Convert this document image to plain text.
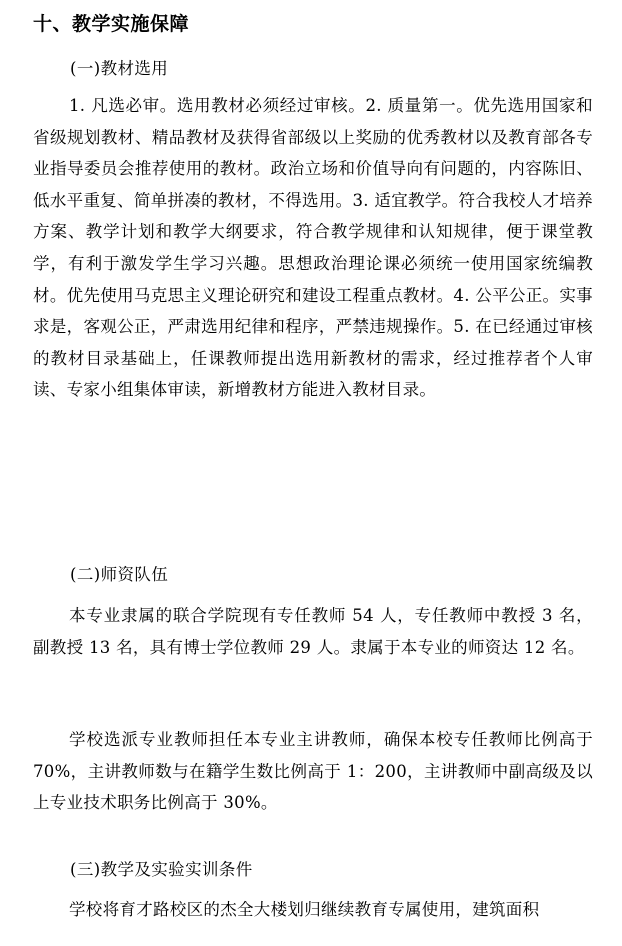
十、教学实施保障

(一)教材选用

1. 凡选必审。选用教材必须经过审核。2. 质量第一。优先选用国家和省级规划教材、精品教材及获得省部级以上奖励的优秀教材以及教育部各专业指导委员会推荐使用的教材。政治立场和价值导向有问题的，内容陈旧、低水平重复、简单拼凑的教材，不得选用。3. 适宜教学。符合我校人才培养方案、教学计划和教学大纲要求，符合教学规律和认知规律，便于课堂教学，有利于激发学生学习兴趣。思想政治理论课必须统一使用国家统编教材。优先使用马克思主义理论研究和建设工程重点教材。4. 公平公正。实事求是，客观公正，严肃选用纪律和程序，严禁违规操作。5. 在已经通过审核的教材目录基础上，任课教师提出选用新教材的需求，经过推荐者个人审读、专家小组集体审读，新增教材方能进入教材目录。

(二)师资队伍

本专业隶属的联合学院现有专任教师 54 人，专任教师中教授 3 名，副教授 13 名，具有博士学位教师 29 人。隶属于本专业的师资达 12 名。

学校选派专业教师担任本专业主讲教师，确保本校专任教师比例高于 70%，主讲教师数与在籍学生数比例高于 1：200，主讲教师中副高级及以上专业技术职务比例高于 30%。

(三)教学及实验实训条件

学校将育才路校区的杰全大楼划归继续教育专属使用，建筑面积
